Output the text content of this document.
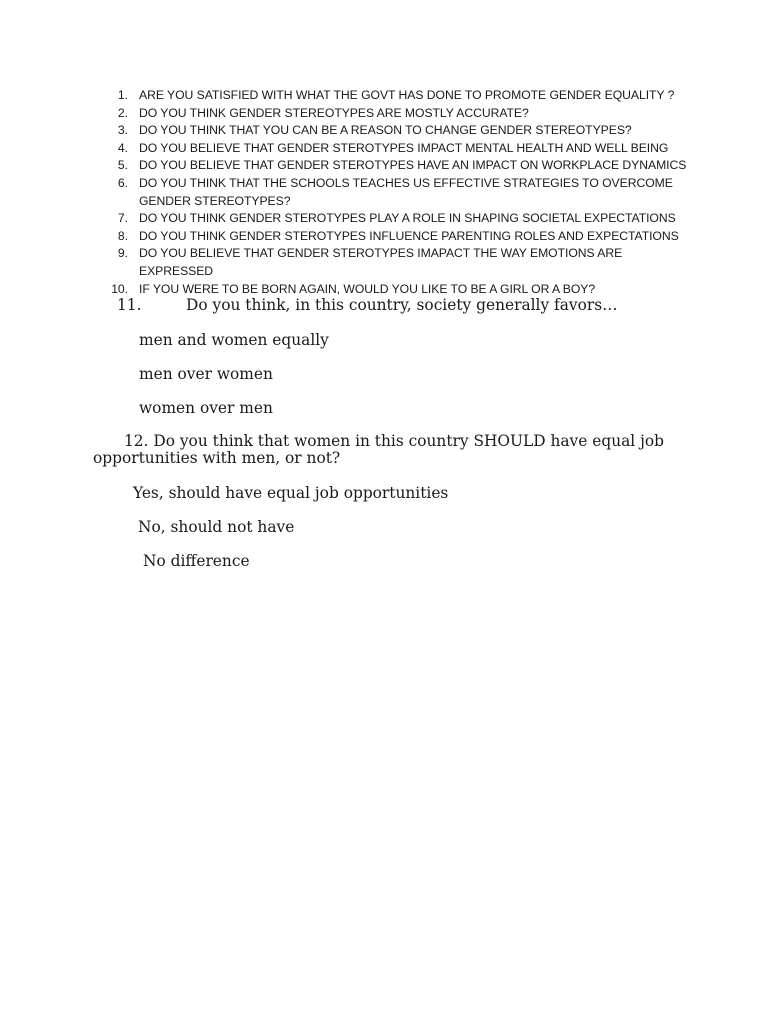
1. ARE YOU SATISFIED WITH WHAT THE GOVT HAS DONE TO PROMOTE GENDER EQUALITY ?
2. DO YOU THINK GENDER STEREOTYPES ARE MOSTLY ACCURATE?
3. DO YOU THINK THAT YOU CAN BE A REASON TO CHANGE GENDER STEREOTYPES?
4. DO YOU BELIEVE THAT GENDER STEROTYPES IMPACT MENTAL HEALTH AND WELL BEING
5. DO YOU BELIEVE THAT GENDER STEROTYPES HAVE AN IMPACT ON WORKPLACE DYNAMICS
6. DO YOU THINK THAT THE SCHOOLS TEACHES US EFFECTIVE STRATEGIES TO OVERCOME GENDER STEREOTYPES?
7. DO YOU THINK GENDER STEROTYPES PLAY A ROLE IN SHAPING SOCIETAL EXPECTATIONS
8. DO YOU THINK GENDER STEROTYPES INFLUENCE PARENTING ROLES AND EXPECTATIONS
9. DO YOU BELIEVE THAT GENDER STEROTYPES IMAPACT THE WAY EMOTIONS ARE EXPRESSED
10. IF YOU WERE TO BE BORN AGAIN, WOULD YOU LIKE TO BE A GIRL OR A BOY?
11.	Do you think, in this country, society generally favors…
men and women equally
men over women
women over men
12. Do you think that women in this country SHOULD have equal job opportunities with men, or not?
Yes, should have equal job opportunities
No, should not have
No difference
